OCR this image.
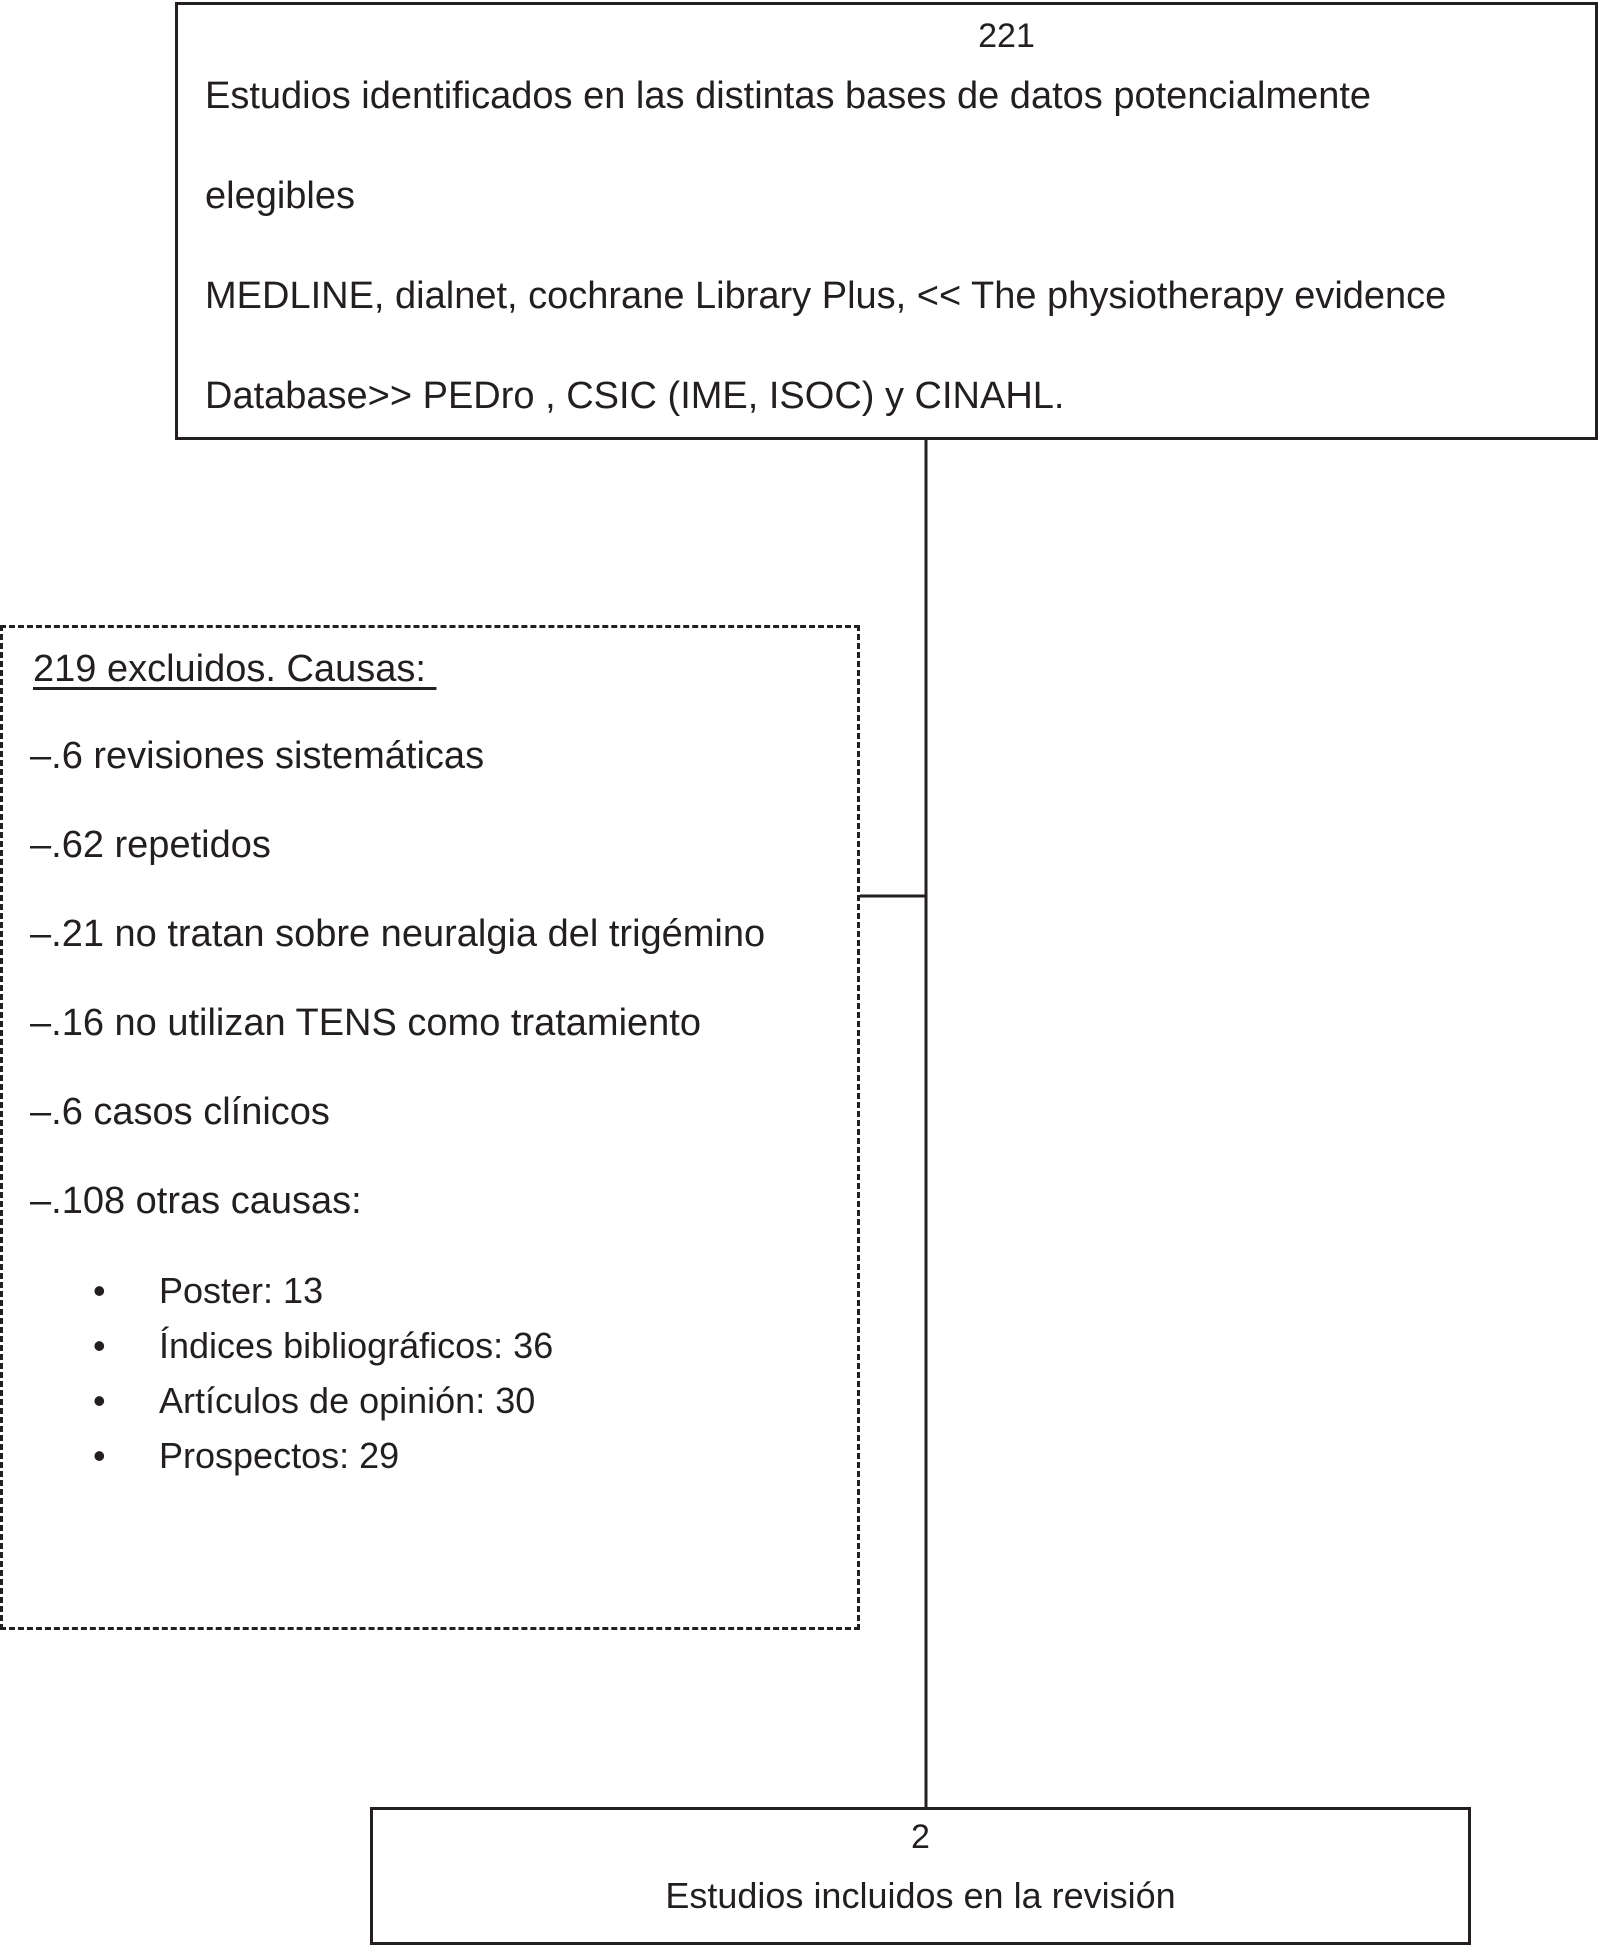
221
Estudios identificados en las distintas bases de datos potencialmente
elegibles
MEDLINE, dialnet, cochrane Library Plus, << The physiotherapy evidence
Database>> PEDro , CSIC (IME, ISOC) y CINAHL.
219 excluidos. Causas:
–.6 revisiones sistemáticas
–.62 repetidos
–.21 no tratan sobre neuralgia del trigémino
–.16 no utilizan TENS como tratamiento
–.6 casos clínicos
–.108 otras causas:
• Poster: 13
• Índices bibliográficos: 36
• Artículos de opinión: 30
• Prospectos: 29
2
Estudios incluidos en la revisión
